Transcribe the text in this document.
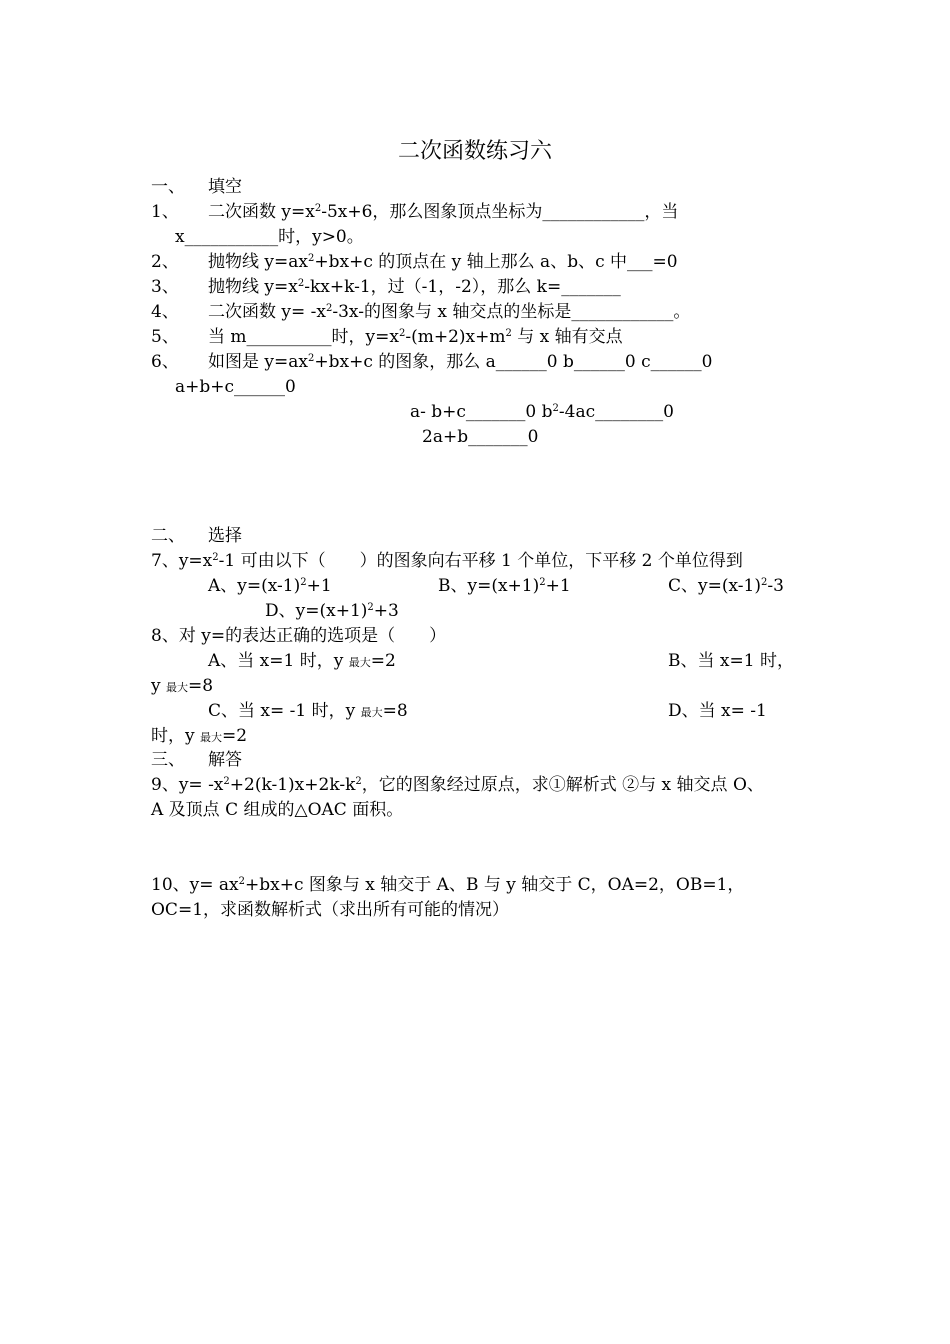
二次函数练习六
一、 填空
1、 二次函数 $y=x^2-5x+6$，那么图象顶点坐标为____________，当
x___________时，y>0。
2、 抛物线 $y=ax^2+bx+c$ 的顶点在 y 轴上那么 a、b、c 中___=0
3、 抛物线 $y=x^2-kx+k-1$，过（-1，-2），那么 k=_______
4、 二次函数 $y= -x^2-3x-$的图象与 x 轴交点的坐标是____________。
5、 当 m__________时，$y=x^2-(m+2)x+m^2$ 与 x 轴有交点
6、 如图是 $y=ax^2+bx+c$ 的图象，那么 a______0 b______0 c______0
a+b+c______0
a- b+c_______0 $b^2-4ac\_\_\_\_\_\_\_\_0$
2a+b_______0
二、 选择
7、$y=x^2-1$ 可由以下（　　）的图象向右平移 1 个单位，下平移 2 个单位得到
A、$y=(x-1)^2+1$	B、$y=(x+1)^2+1$	C、$y=(x-1)^2-3$
D、$y=(x+1)^2+3$
8、对 y=的表达正确的选项是（　　）
A、当 x=1 时，y 最大=2	B、当 x=1 时，
y 最大=8
C、当 x= -1 时，y 最大=8	D、当 x= -1
时，y 最大=2
三、 解答
9、$y= -x^2+2(k-1)x+2k-k^2$，它的图象经过原点，求①解析式 ②与 x 轴交点 O、
A 及顶点 C 组成的△OAC 面积。
10、$y= ax^2+bx+c$ 图象与 x 轴交于 A、B 与 y 轴交于 C，OA=2，OB=1，
OC=1，求函数解析式（求出所有可能的情况）
